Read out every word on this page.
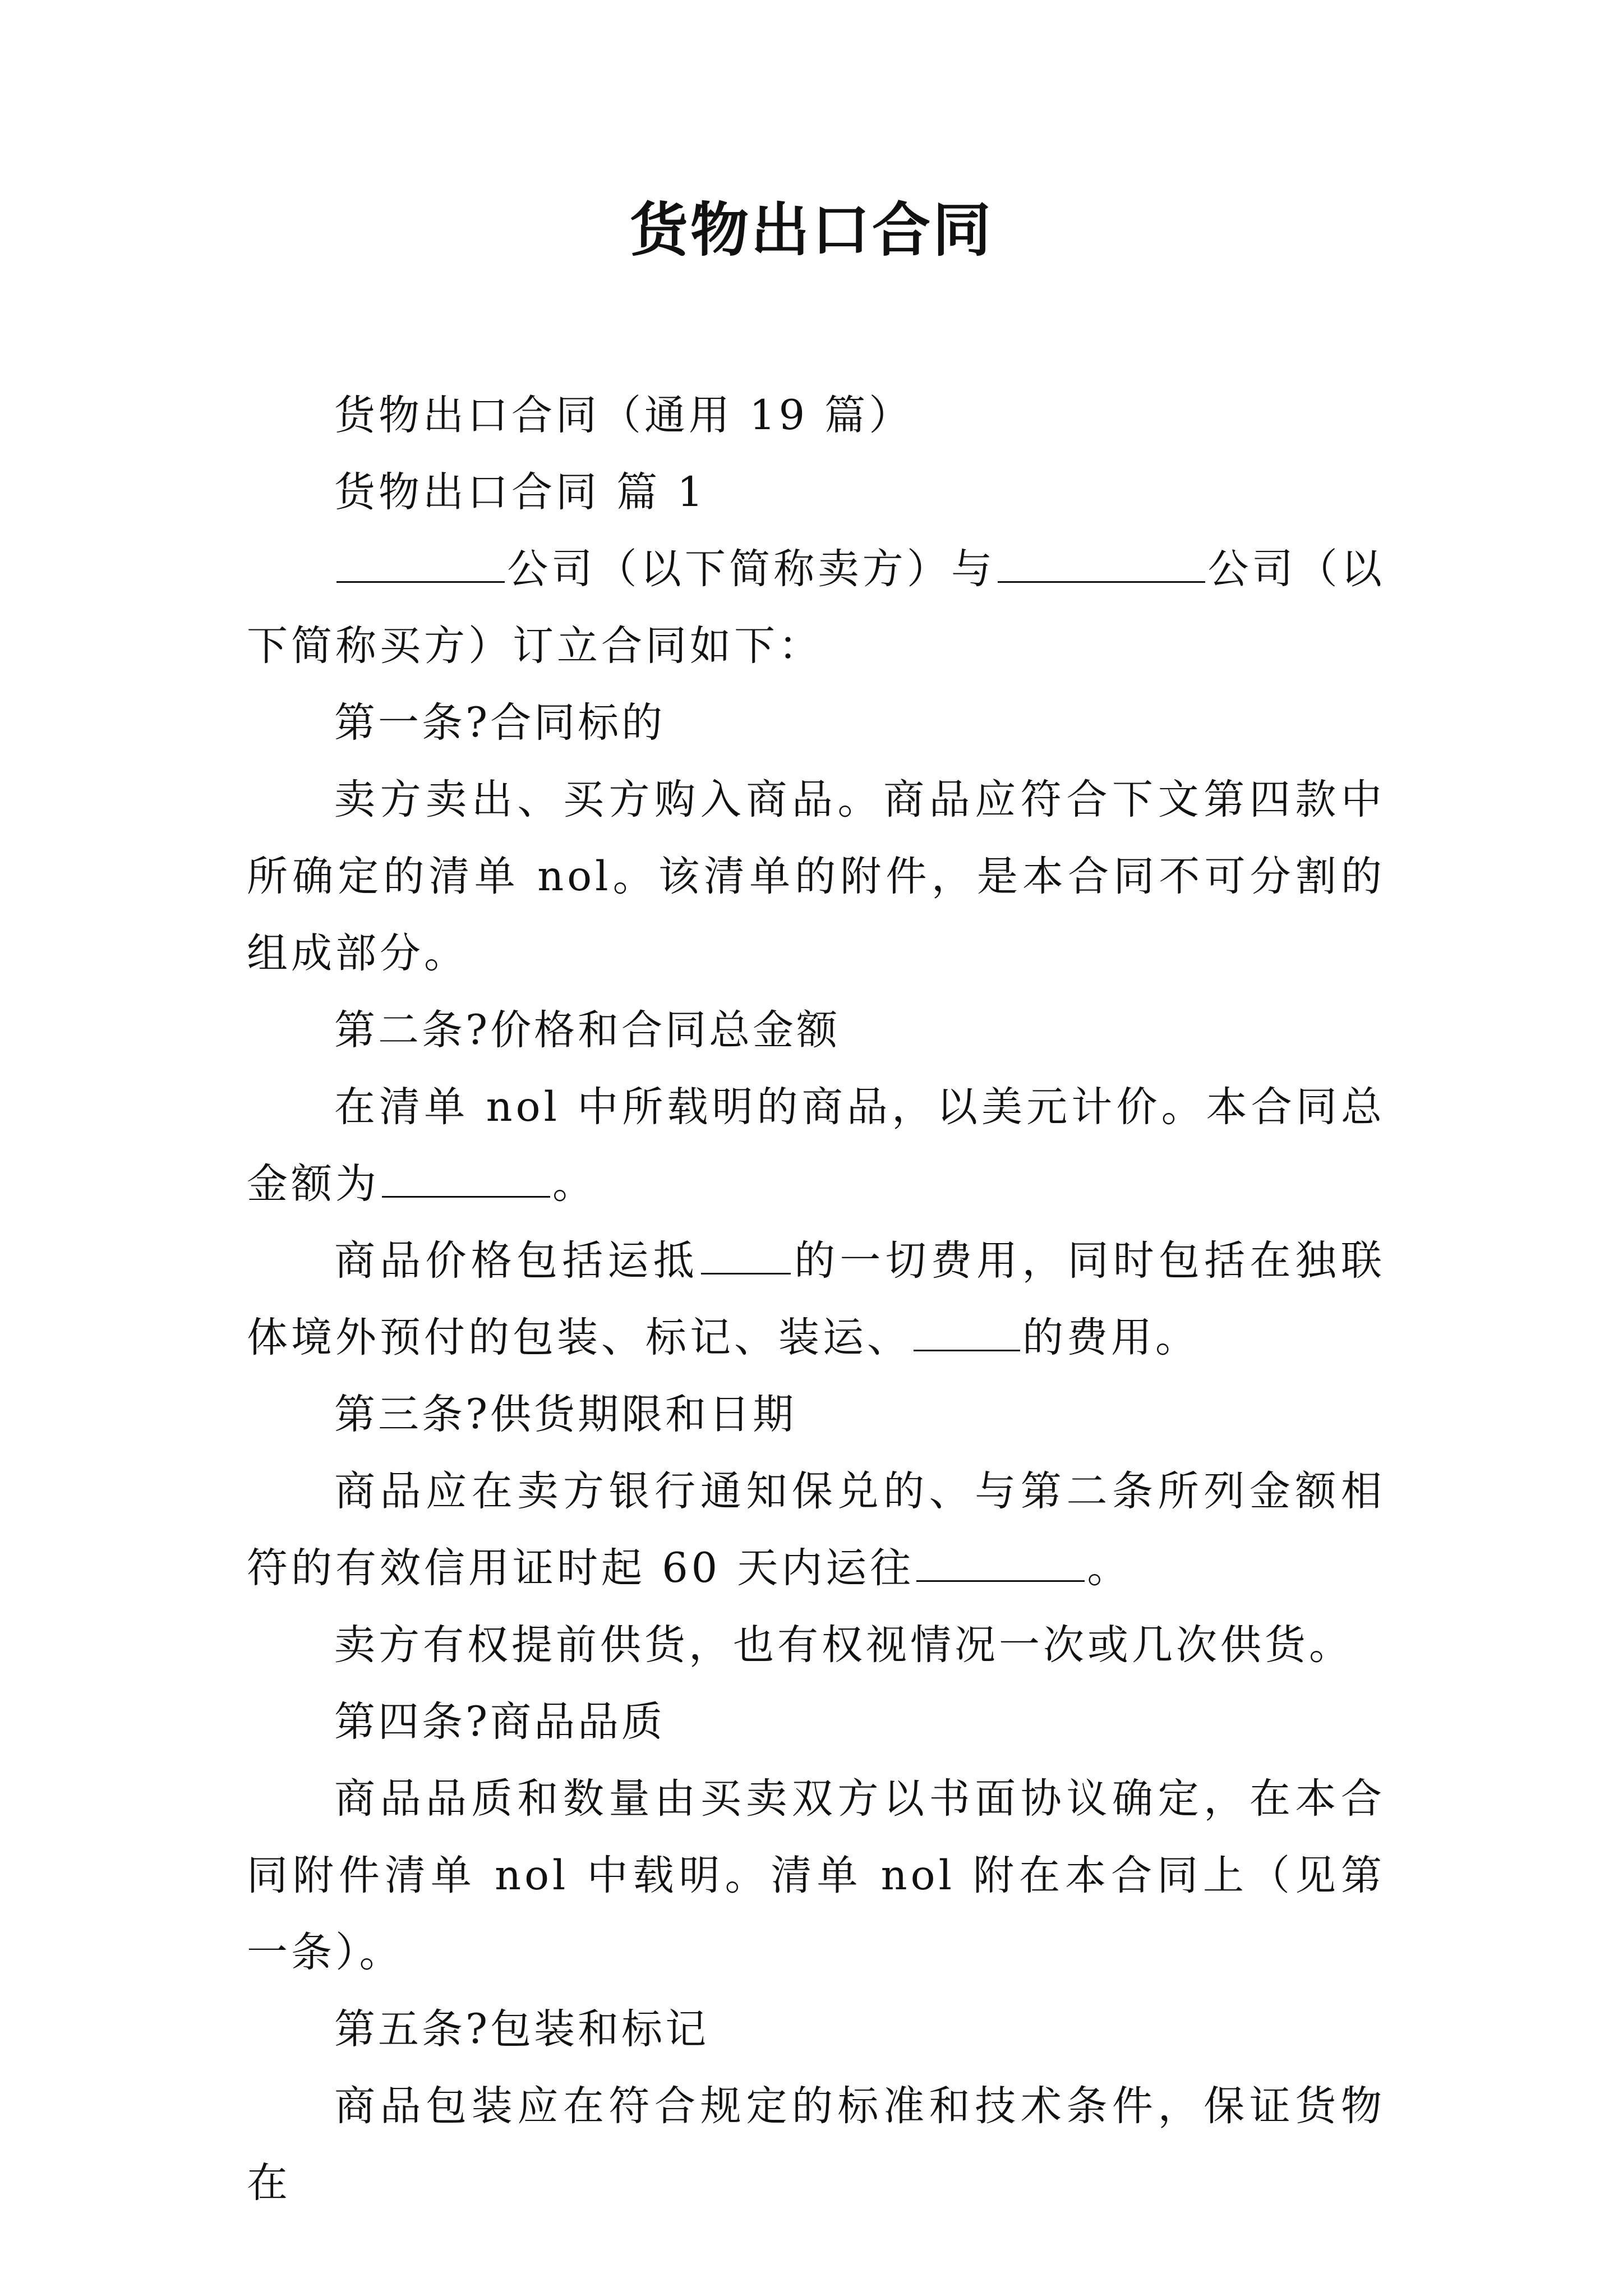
货物出口合同

货物出口合同（通用 19 篇）

货物出口合同 篇 1

公司（以下简称卖方）与	公司（以下简称买方）订立合同如下：

第一条?合同标的

卖方卖出、买方购入商品。商品应符合下文第四款中所确定的清单 nol。该清单的附件，是本合同不可分割的组成部分。

第二条?价格和合同总金额

在清单 nol 中所载明的商品，以美元计价。本合同总金额为	。

商品价格包括运抵 的一切费用，同时包括在独联体境外预付的包装、标记、装运、	的费用。

第三条?供货期限和日期

商品应在卖方银行通知保兑的、与第二条所列金额相符的有效信用证时起 60 天内运往	。

卖方有权提前供货，也有权视情况一次或几次供货。

第四条?商品品质

商品品质和数量由买卖双方以书面协议确定，在本合同附件清单 nol 中载明。清单 nol 附在本合同上（见第一条）。

第五条?包装和标记

商品包装应在符合规定的标准和技术条件，保证货物在
